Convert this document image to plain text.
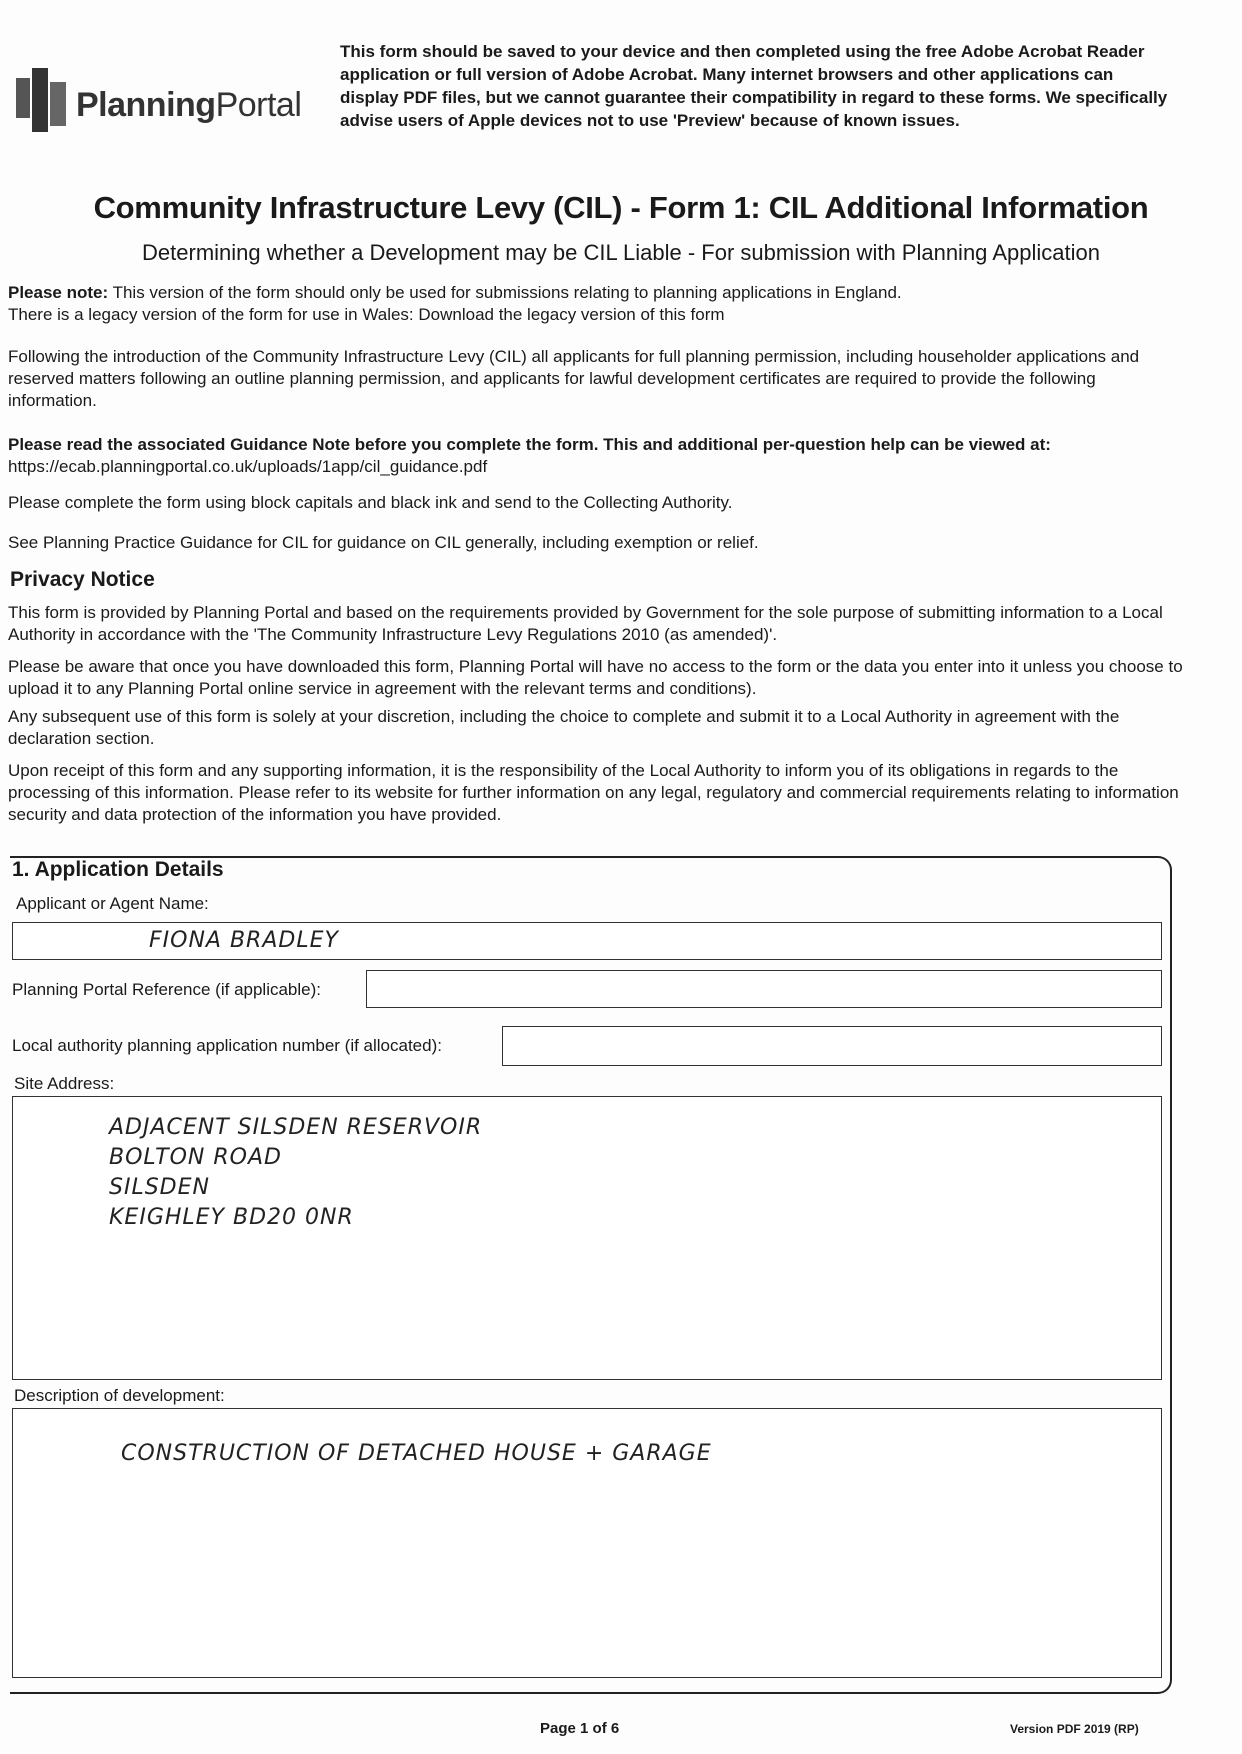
PlanningPortal
This form should be saved to your device and then completed using the free Adobe Acrobat Reader application or full version of Adobe Acrobat. Many internet browsers and other applications can display PDF files, but we cannot guarantee their compatibility in regard to these forms. We specifically advise users of Apple devices not to use 'Preview' because of known issues.
Community Infrastructure Levy (CIL) - Form 1: CIL Additional Information
Determining whether a Development may be CIL Liable - For submission with Planning Application
Please note: This version of the form should only be used for submissions relating to planning applications in England.
There is a legacy version of the form for use in Wales: Download the legacy version of this form
Following the introduction of the Community Infrastructure Levy (CIL) all applicants for full planning permission, including householder applications and reserved matters following an outline planning permission, and applicants for lawful development certificates are required to provide the following information.
Please read the associated Guidance Note before you complete the form. This and additional per-question help can be viewed at:
https://ecab.planningportal.co.uk/uploads/1app/cil_guidance.pdf
Please complete the form using block capitals and black ink and send to the Collecting Authority.
See Planning Practice Guidance for CIL for guidance on CIL generally, including exemption or relief.
Privacy Notice
This form is provided by Planning Portal and based on the requirements provided by Government for the sole purpose of submitting information to a Local Authority in accordance with the 'The Community Infrastructure Levy Regulations 2010 (as amended)'.
Please be aware that once you have downloaded this form, Planning Portal will have no access to the form or the data you enter into it unless you choose to upload it to any Planning Portal online service in agreement with the relevant terms and conditions).
Any subsequent use of this form is solely at your discretion, including the choice to complete and submit it to a Local Authority in agreement with the declaration section.
Upon receipt of this form and any supporting information, it is the responsibility of the Local Authority to inform you of its obligations in regards to the processing of this information. Please refer to its website for further information on any legal, regulatory and commercial requirements relating to information security and data protection of the information you have provided.
1. Application Details
Applicant or Agent Name:
FIONA BRADLEY
Planning Portal Reference (if applicable):
Local authority planning application number (if allocated):
Site Address:
ADJACENT SILSDEN RESERVOIR
BOLTON ROAD
SILSDEN
KEIGHLEY BD20 0NR
Description of development:
CONSTRUCTION OF DETACHED HOUSE + GARAGE
Page 1 of 6	Version PDF 2019 (RP)
